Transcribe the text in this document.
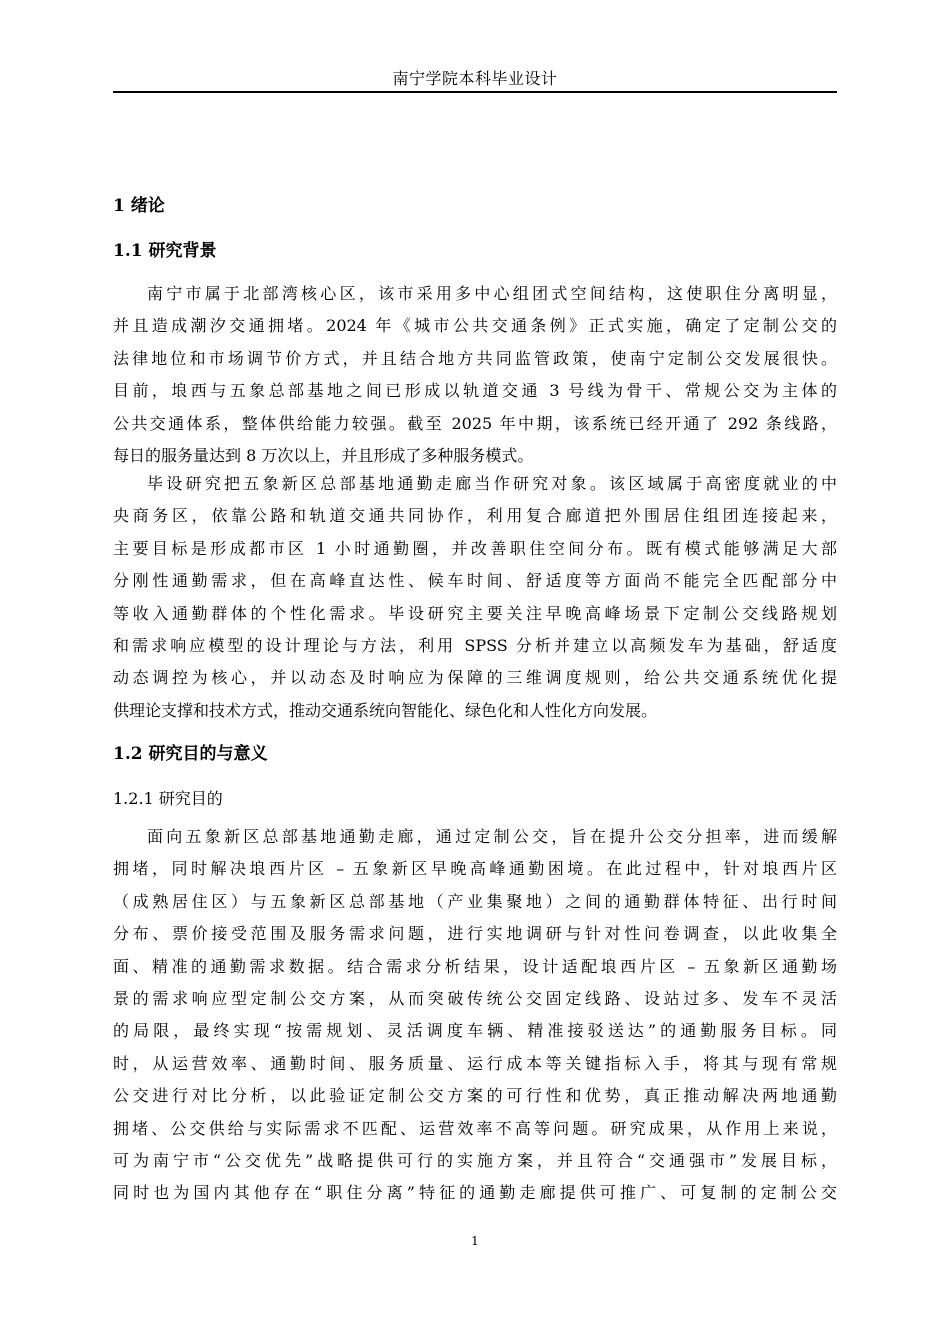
南宁学院本科毕业设计
1 绪论
1.1 研究背景
南宁市属于北部湾核心区，该市采用多中心组团式空间结构，这使职住分离明显，
并且造成潮汐交通拥堵。2024 年《城市公共交通条例》正式实施，确定了定制公交的
法律地位和市场调节价方式，并且结合地方共同监管政策，使南宁定制公交发展很快。
目前，埌西与五象总部基地之间已形成以轨道交通 3 号线为骨干、常规公交为主体的
公共交通体系，整体供给能力较强。截至 2025 年中期，该系统已经开通了 292 条线路，
每日的服务量达到 8 万次以上，并且形成了多种服务模式。
毕设研究把五象新区总部基地通勤走廊当作研究对象。该区域属于高密度就业的中
央商务区，依靠公路和轨道交通共同协作，利用复合廊道把外围居住组团连接起来，
主要目标是形成都市区 1 小时通勤圈，并改善职住空间分布。既有模式能够满足大部
分刚性通勤需求，但在高峰直达性、候车时间、舒适度等方面尚不能完全匹配部分中
等收入通勤群体的个性化需求。毕设研究主要关注早晚高峰场景下定制公交线路规划
和需求响应模型的设计理论与方法，利用 SPSS 分析并建立以高频发车为基础，舒适度
动态调控为核心，并以动态及时响应为保障的三维调度规则，给公共交通系统优化提
供理论支撑和技术方式，推动交通系统向智能化、绿色化和人性化方向发展。
1.2 研究目的与意义
1.2.1 研究目的
面向五象新区总部基地通勤走廊，通过定制公交，旨在提升公交分担率，进而缓解
拥堵，同时解决埌西片区 – 五象新区早晚高峰通勤困境。在此过程中，针对埌西片区
（成熟居住区）与五象新区总部基地（产业集聚地）之间的通勤群体特征、出行时间
分布、票价接受范围及服务需求问题，进行实地调研与针对性问卷调查，以此收集全
面、精准的通勤需求数据。结合需求分析结果，设计适配埌西片区 – 五象新区通勤场
景的需求响应型定制公交方案，从而突破传统公交固定线路、设站过多、发车不灵活
的局限，最终实现“按需规划、灵活调度车辆、精准接驳送达”的通勤服务目标。同
时，从运营效率、通勤时间、服务质量、运行成本等关键指标入手，将其与现有常规
公交进行对比分析，以此验证定制公交方案的可行性和优势，真正推动解决两地通勤
拥堵、公交供给与实际需求不匹配、运营效率不高等问题。研究成果，从作用上来说，
可为南宁市“公交优先”战略提供可行的实施方案，并且符合“交通强市”发展目标，
同时也为国内其他存在“职住分离”特征的通勤走廊提供可推广、可复制的定制公交
1
